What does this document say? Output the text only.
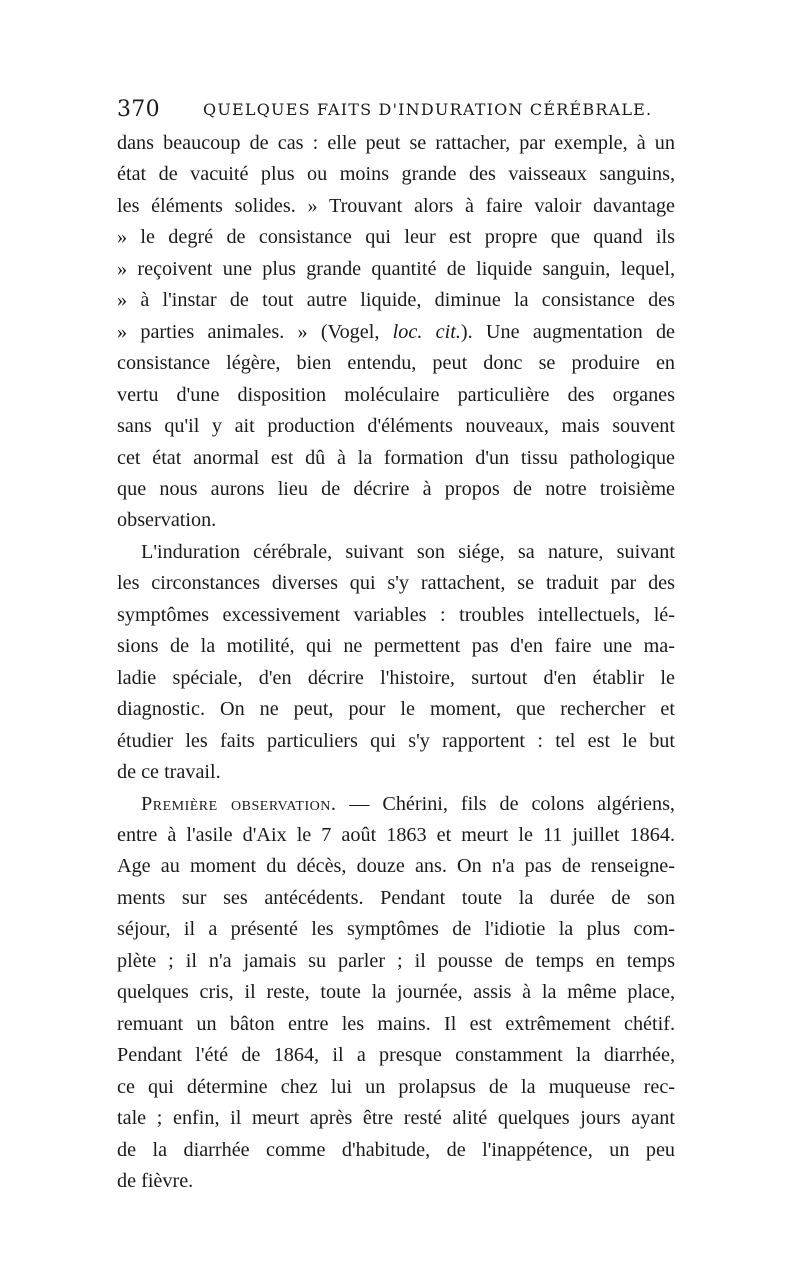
370	QUELQUES FAITS D'INDURATION CÉRÉBRALE.

dans beaucoup de cas : elle peut se rattacher, par exemple, à un
état de vacuité plus ou moins grande des vaisseaux sanguins,
les éléments solides. » Trouvant alors à faire valoir davantage
» le degré de consistance qui leur est propre que quand ils
» reçoivent une plus grande quantité de liquide sanguin, lequel,
» à l'instar de tout autre liquide, diminue la consistance des
» parties animales. » (Vogel, loc. cit.). Une augmentation de
consistance légère, bien entendu, peut donc se produire en
vertu d'une disposition moléculaire particulière des organes
sans qu'il y ait production d'éléments nouveaux, mais souvent
cet état anormal est dû à la formation d'un tissu pathologique
que nous aurons lieu de décrire à propos de notre troisième
observation.

L'induration cérébrale, suivant son siége, sa nature, suivant
les circonstances diverses qui s'y rattachent, se traduit par des
symptômes excessivement variables : troubles intellectuels, lé-
sions de la motilité, qui ne permettent pas d'en faire une ma-
ladie spéciale, d'en décrire l'histoire, surtout d'en établir le
diagnostic. On ne peut, pour le moment, que rechercher et
étudier les faits particuliers qui s'y rapportent : tel est le but
de ce travail.

Première observation. — Chérini, fils de colons algériens,
entre à l'asile d'Aix le 7 août 1863 et meurt le 11 juillet 1864.
Age au moment du décès, douze ans. On n'a pas de renseigne-
ments sur ses antécédents. Pendant toute la durée de son
séjour, il a présenté les symptômes de l'idiotie la plus com-
plète ; il n'a jamais su parler ; il pousse de temps en temps
quelques cris, il reste, toute la journée, assis à la même place,
remuant un bâton entre les mains. Il est extrêmement chétif.
Pendant l'été de 1864, il a presque constamment la diarrhée,
ce qui détermine chez lui un prolapsus de la muqueuse rec-
tale ; enfin, il meurt après être resté alité quelques jours ayant
de la diarrhée comme d'habitude, de l'inappétence, un peu
de fièvre.
